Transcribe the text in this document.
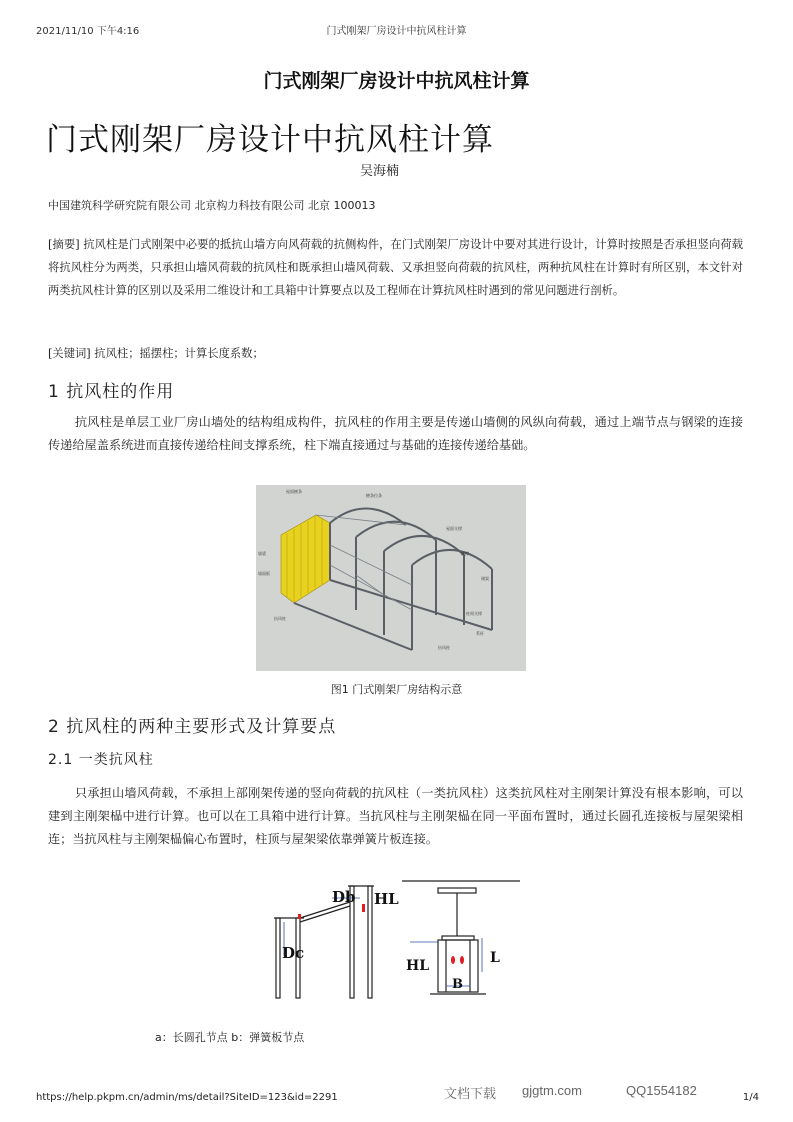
2021/11/10 下午4:16	门式刚架厂房设计中抗风柱计算
门式刚架厂房设计中抗风柱计算
门式刚架厂房设计中抗风柱计算
吴海楠
中国建筑科学研究院有限公司 北京构力科技有限公司 北京 100013
[摘要] 抗风柱是门式刚架中必要的抵抗山墙方向风荷载的抗侧构件，在门式刚架厂房设计中要对其进行设计，计算时按照是否承担竖向荷载将抗风柱分为两类，只承担山墙风荷载的抗风柱和既承担山墙风荷载、又承担竖向荷载的抗风柱，两种抗风柱在计算时有所区别，本文针对两类抗风柱计算的区别以及采用二维设计和工具箱中计算要点以及工程师在计算抗风柱时遇到的常见问题进行剖析。
[关键词] 抗风柱；摇摆柱；计算长度系数；
1 抗风柱的作用
抗风柱是单层工业厂房山墙处的结构组成构件，抗风柱的作用主要是传递山墙侧的风纵向荷载，通过上端节点与钢梁的连接传递给屋盖系统进而直接传递给柱间支撑系统，柱下端直接通过与基础的连接传递给基础。
屋面檩条
檩条拉条
屋面支撑
隅撑
刚架
柱间支撑
系杆
抗风柱
墙梁
墙面板
抗风柱
图1 门式刚架厂房结构示意
2 抗风柱的两种主要形式及计算要点
2.1 一类抗风柱
只承担山墙风荷载，不承担上部刚架传递的竖向荷载的抗风柱（一类抗风柱）这类抗风柱对主刚架计算没有根本影响，可以建到主刚架榀中进行计算。也可以在工具箱中进行计算。当抗风柱与主刚架榀在同一平面布置时，通过长圆孔连接板与屋架梁相连；当抗风柱与主刚架榀偏心布置时，柱顶与屋架梁依靠弹簧片板连接。
Db HL
Dc
HL	L
B
a：长圆孔节点 b：弹簧板节点
https://help.pkpm.cn/admin/ms/detail?SiteID=123&id=2291	文档下载 gjgtm.com	QQ1554182	1/4
